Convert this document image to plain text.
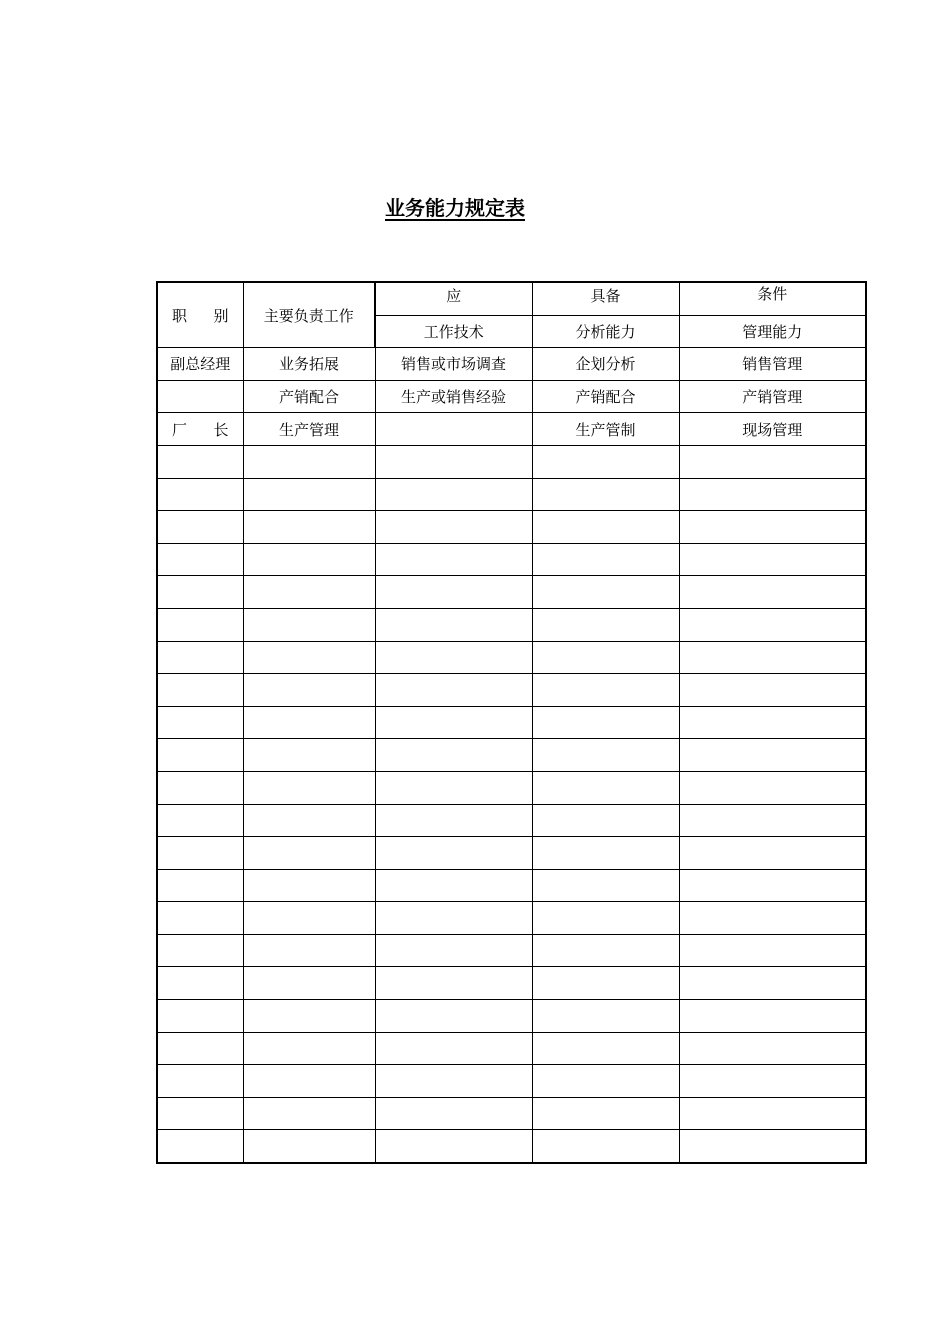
业务能力规定表
职 别	主要负责工作	应	具备	条件

		工作技术	分析能力	管理能力
副总经理	业务拓展	销售或市场调查	企划分析	销售管理
	产销配合	生产或销售经验	产销配合	产销管理

厂 长	生产管理		生产管制	现场管理
